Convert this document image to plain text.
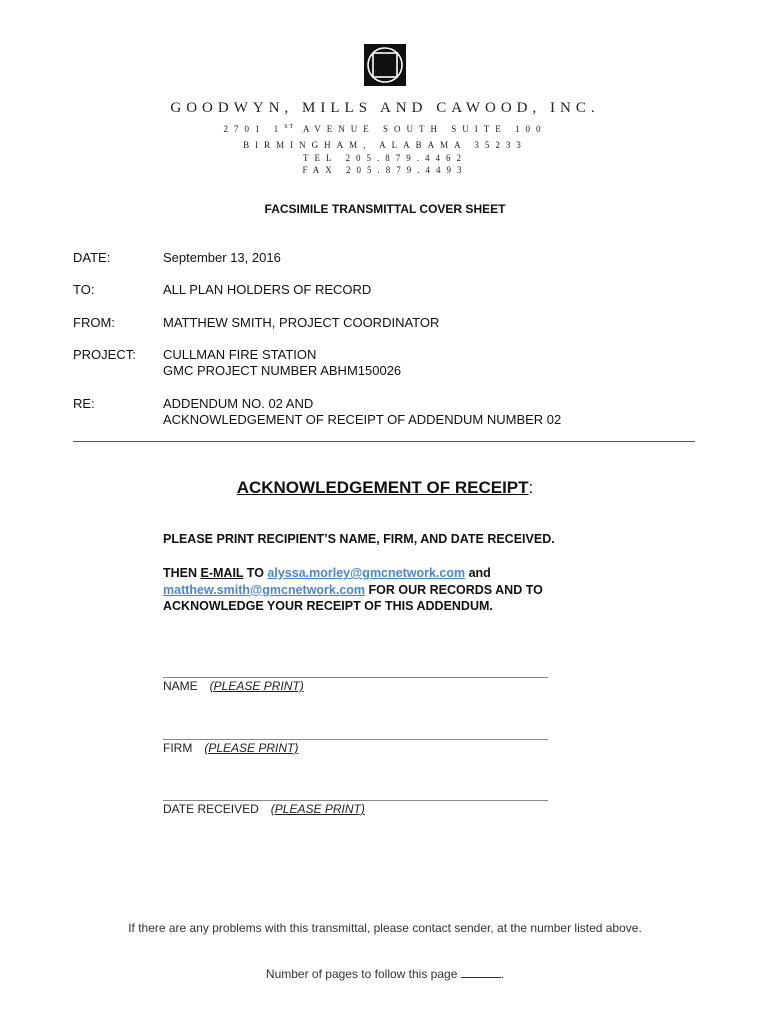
GOODWYN, MILLS AND CAWOOD, INC.
2701 1ST AVENUE SOUTH SUITE 100
BIRMINGHAM, ALABAMA 35233
TEL 205.879.4462
FAX 205.879.4493
FACSIMILE TRANSMITTAL COVER SHEET
DATE:	September 13, 2016
TO:	ALL PLAN HOLDERS OF RECORD
FROM:	MATTHEW SMITH, PROJECT COORDINATOR
PROJECT:	CULLMAN FIRE STATION
GMC PROJECT NUMBER ABHM150026
RE:	ADDENDUM NO. 02 AND
ACKNOWLEDGEMENT OF RECEIPT OF ADDENDUM NUMBER 02
ACKNOWLEDGEMENT OF RECEIPT:
PLEASE PRINT RECIPIENT’S NAME, FIRM, AND DATE RECEIVED.
THEN E-MAIL TO alyssa.morley@gmcnetwork.com and
matthew.smith@gmcnetwork.com FOR OUR RECORDS AND TO ACKNOWLEDGE YOUR RECEIPT OF THIS ADDENDUM.
NAME (PLEASE PRINT)
FIRM (PLEASE PRINT)
DATE RECEIVED (PLEASE PRINT)
If there are any problems with this transmittal, please contact sender, at the number listed above.
Number of pages to follow this page	.
